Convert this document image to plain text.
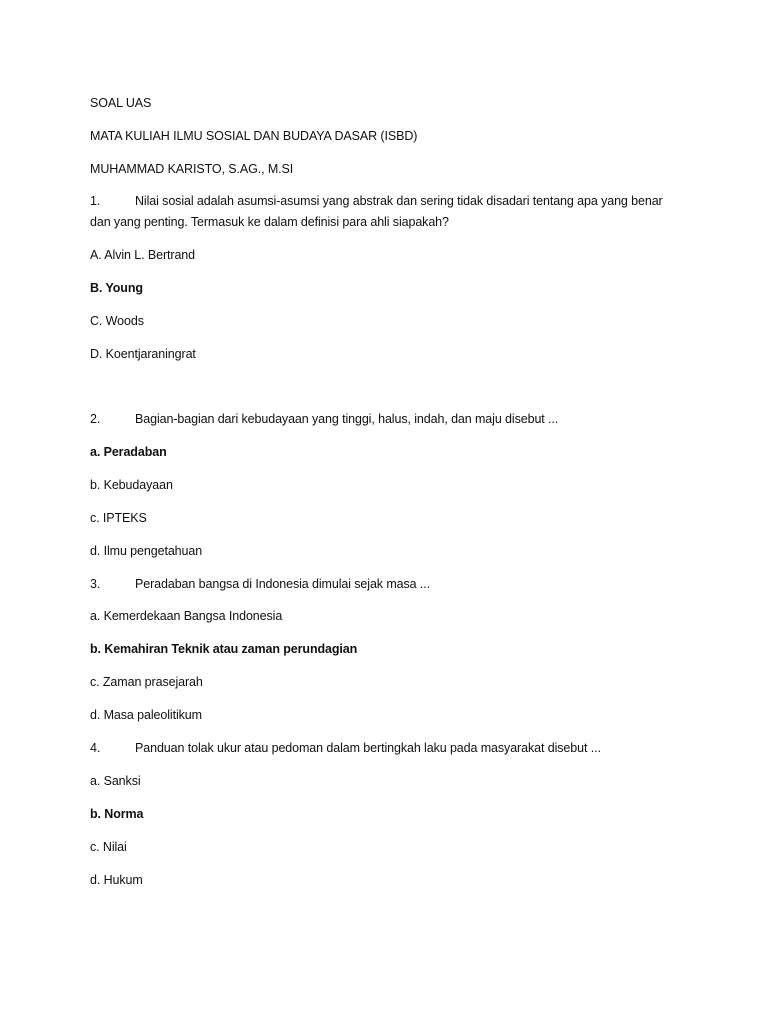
SOAL UAS
MATA KULIAH ILMU SOSIAL DAN BUDAYA DASAR (ISBD)
MUHAMMAD KARISTO, S.AG., M.SI
1.	Nilai sosial adalah asumsi-asumsi yang abstrak dan sering tidak disadari tentang apa yang benar
dan yang penting. Termasuk ke dalam definisi para ahli siapakah?
A. Alvin L. Bertrand
B. Young
C. Woods
D. Koentjaraningrat
2.	Bagian-bagian dari kebudayaan yang tinggi, halus, indah, dan maju disebut ...
a. Peradaban
b. Kebudayaan
c. IPTEKS
d. Ilmu pengetahuan
3.	Peradaban bangsa di Indonesia dimulai sejak masa ...
a. Kemerdekaan Bangsa Indonesia
b. Kemahiran Teknik atau zaman perundagian
c. Zaman prasejarah
d. Masa paleolitikum
4.	Panduan tolak ukur atau pedoman dalam bertingkah laku pada masyarakat disebut ...
a. Sanksi
b. Norma
c. Nilai
d. Hukum
